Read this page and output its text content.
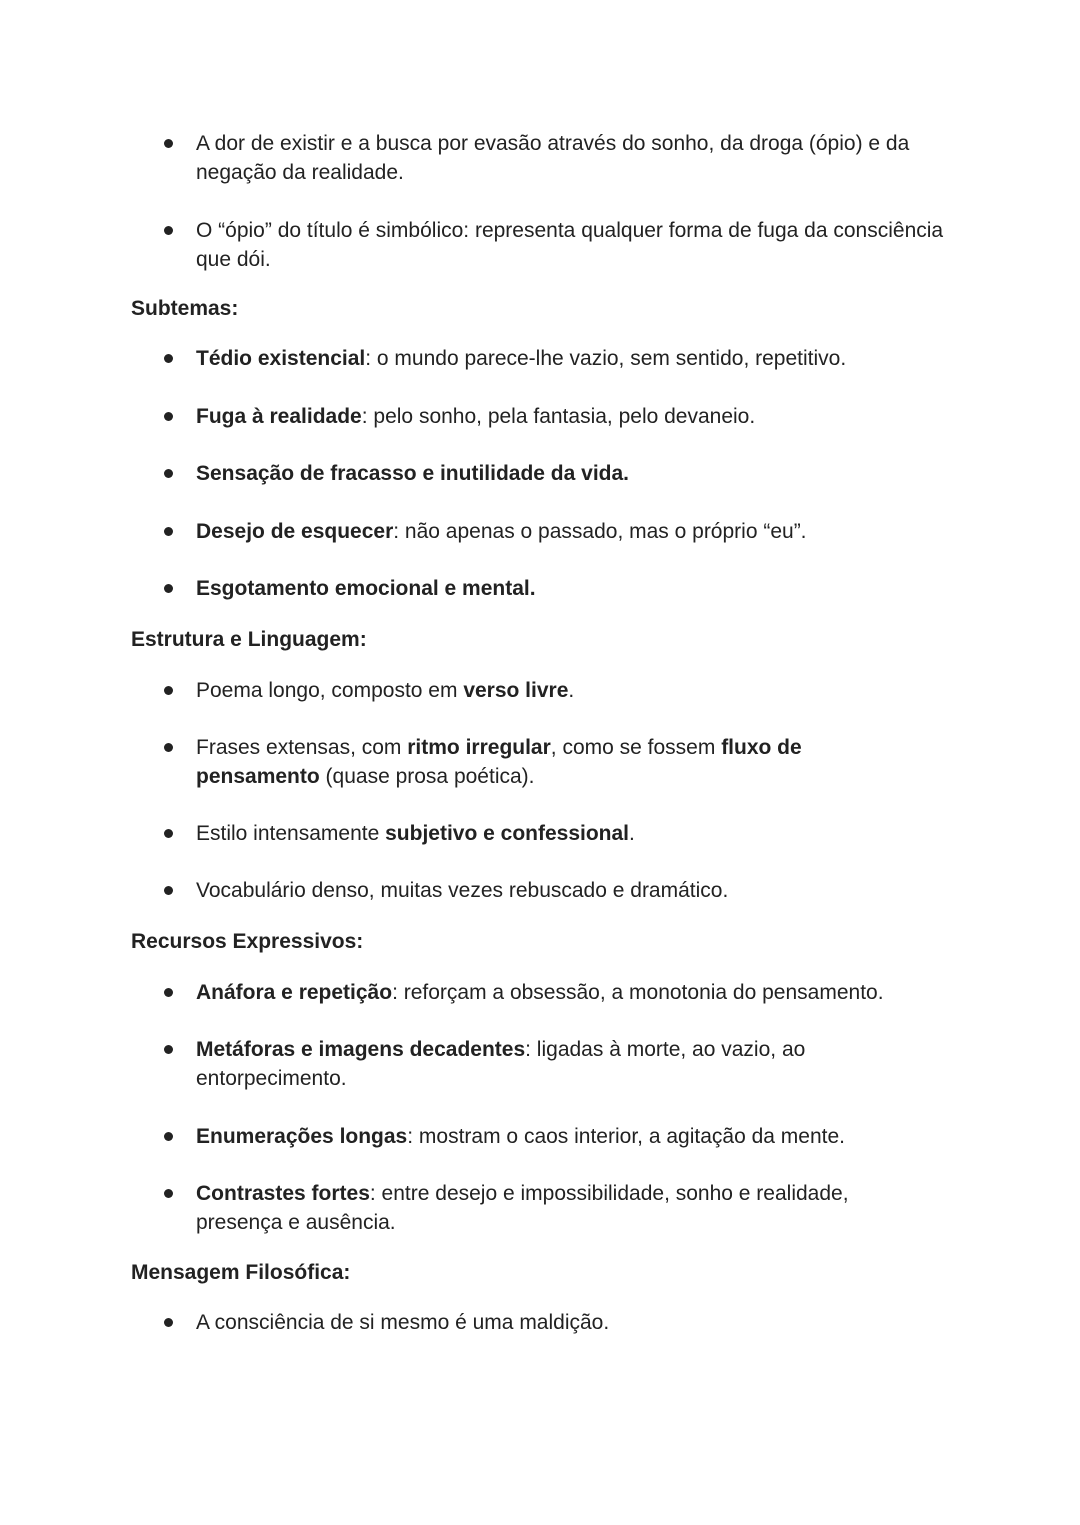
A dor de existir e a busca por evasão através do sonho, da droga (ópio) e da negação da realidade.
O “ópio” do título é simbólico: representa qualquer forma de fuga da consciência que dói.
Subtemas:
Tédio existencial: o mundo parece-lhe vazio, sem sentido, repetitivo.
Fuga à realidade: pelo sonho, pela fantasia, pelo devaneio.
Sensação de fracasso e inutilidade da vida.
Desejo de esquecer: não apenas o passado, mas o próprio “eu”.
Esgotamento emocional e mental.
Estrutura e Linguagem:
Poema longo, composto em verso livre.
Frases extensas, com ritmo irregular, como se fossem fluxo de pensamento (quase prosa poética).
Estilo intensamente subjetivo e confessional.
Vocabulário denso, muitas vezes rebuscado e dramático.
Recursos Expressivos:
Anáfora e repetição: reforçam a obsessão, a monotonia do pensamento.
Metáforas e imagens decadentes: ligadas à morte, ao vazio, ao entorpecimento.
Enumerações longas: mostram o caos interior, a agitação da mente.
Contrastes fortes: entre desejo e impossibilidade, sonho e realidade, presença e ausência.
Mensagem Filosófica:
A consciência de si mesmo é uma maldição.
